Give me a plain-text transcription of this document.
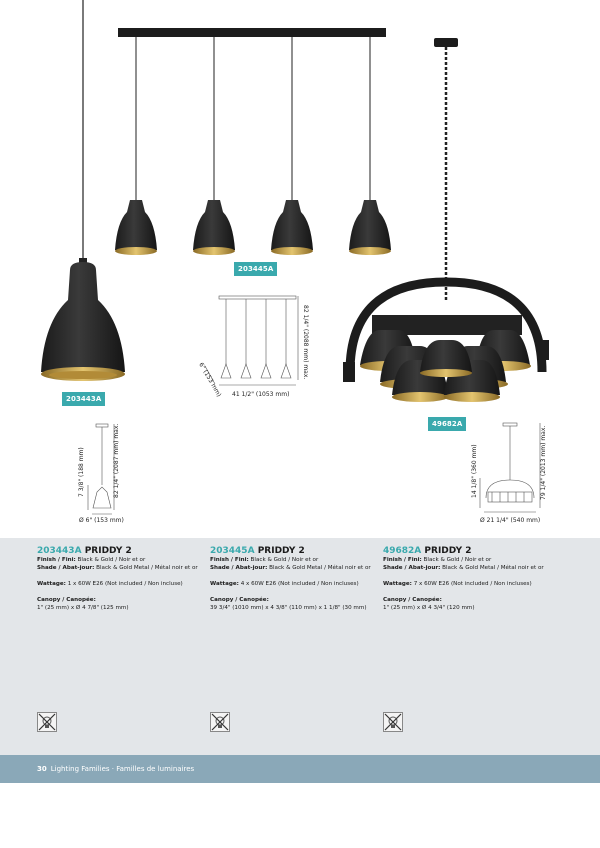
82 1/4" (2088 mm) max.
6" (153 mm) 41 1/2" (1053 mm)
82 1/4" (2087 mm) max.
7 3/8" (188 mm)
Ø 6" (153 mm)
79 1/4" (2013 mm) max.
14 1/8" (360 mm)
Ø 21 1/4" (540 mm)
203443A
203445A
49682A
203443A PRIDDY 2
Finish / Fini: Black & Gold / Noir et or
Shade / Abat-jour: Black & Gold Metal / Métal noir et or
Wattage: 1 x 60W E26 (Not included / Non incluse)
Canopy / Canopée:
1" (25 mm) x Ø 4 7/8" (125 mm)
203445A PRIDDY 2
Finish / Fini: Black & Gold / Noir et or
Shade / Abat-jour: Black & Gold Metal / Métal noir et or
Wattage: 4 x 60W E26 (Not included / Non incluses)
Canopy / Canopée:
39 3/4" (1010 mm) x 4 3/8" (110 mm) x 1 1/8" (30 mm)
49682A PRIDDY 2
Finish / Fini: Black & Gold / Noir et or
Shade / Abat-jour: Black & Gold Metal / Métal noir et or
Wattage: 7 x 60W E26 (Not included / Non incluses)
Canopy / Canopée:
1" (25 mm) x Ø 4 3/4" (120 mm)
30 Lighting Families · Familles de luminaires
